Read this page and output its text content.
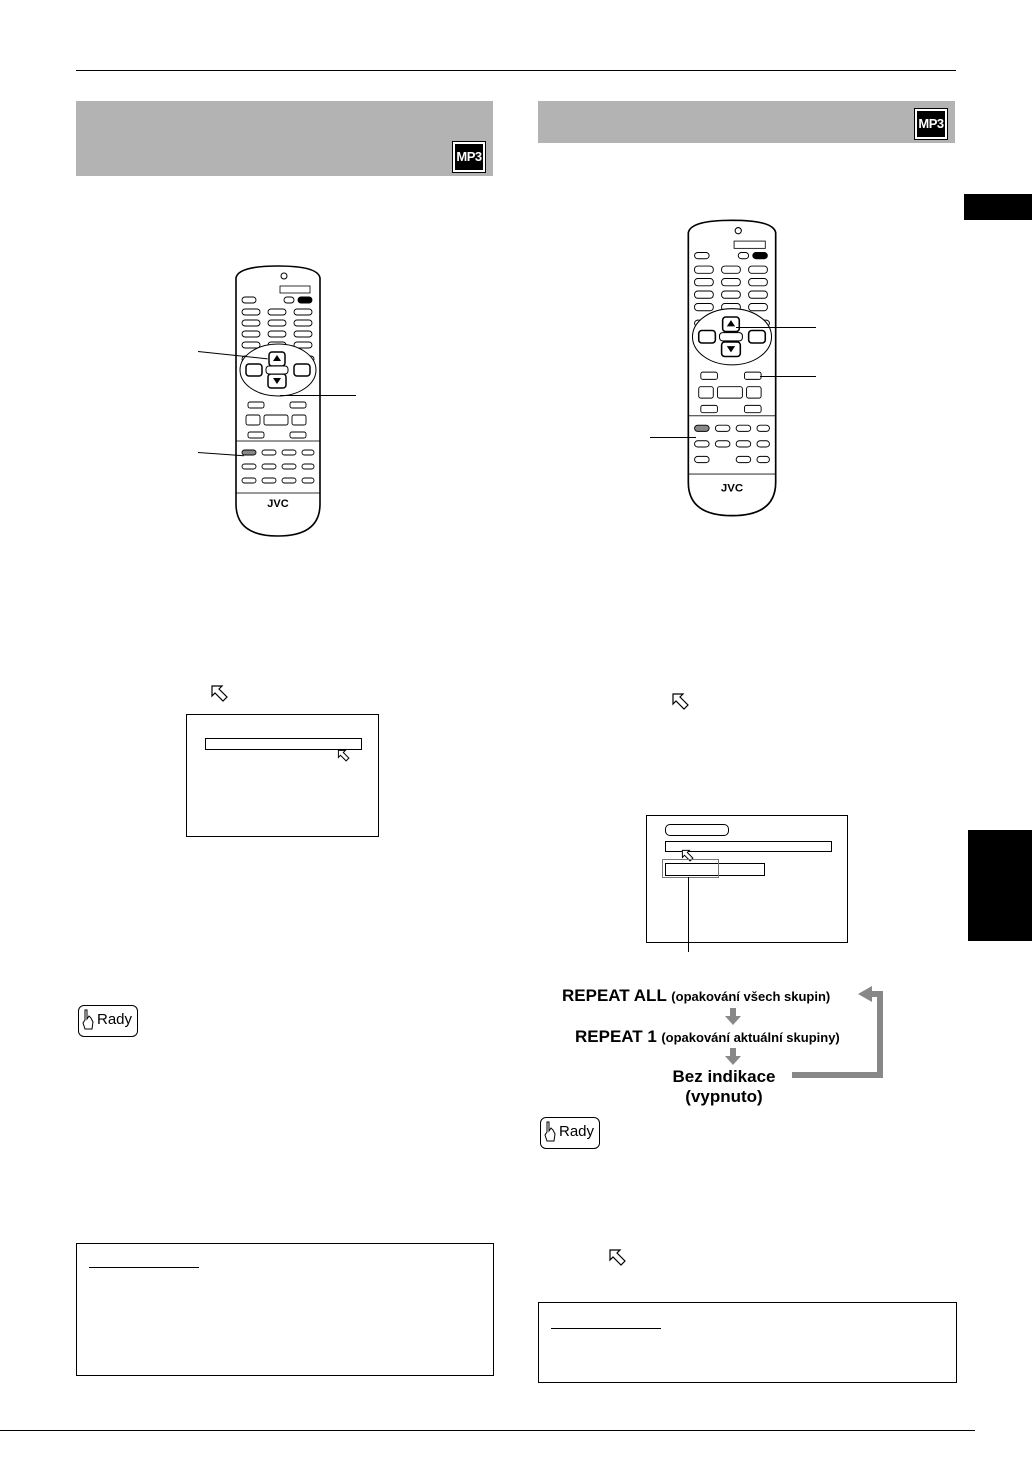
MP3
JVC
Rady
MP3
JVC
REPEAT ALL (opakování všech skupin)
REPEAT 1 (opakování aktuální skupiny)
Bez indikace
(vypnuto)
Rady
